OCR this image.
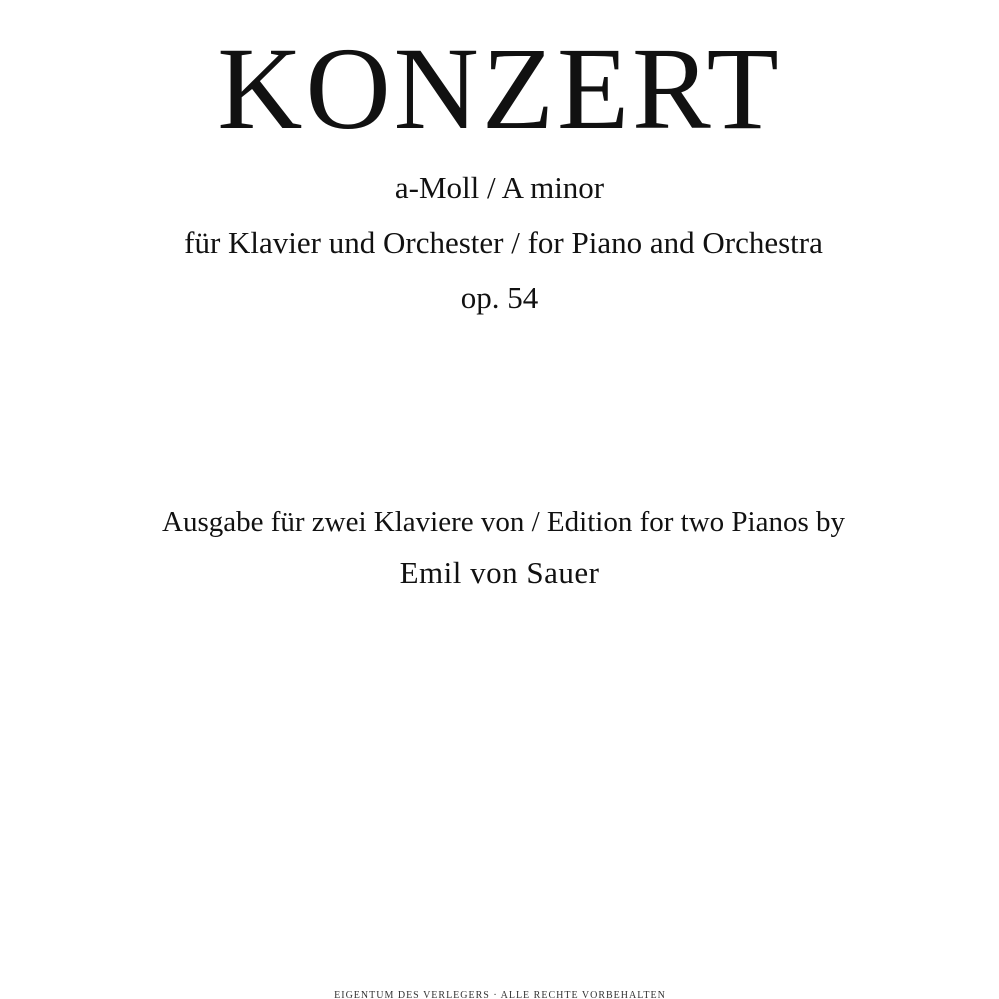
KONZERT
a-Moll / A minor
für Klavier und Orchester / for Piano and Orchestra
op. 54
Ausgabe für zwei Klaviere von / Edition for two Pianos by
Emil von Sauer
EIGENTUM DES VERLEGERS · ALLE RECHTE VORBEHALTEN
